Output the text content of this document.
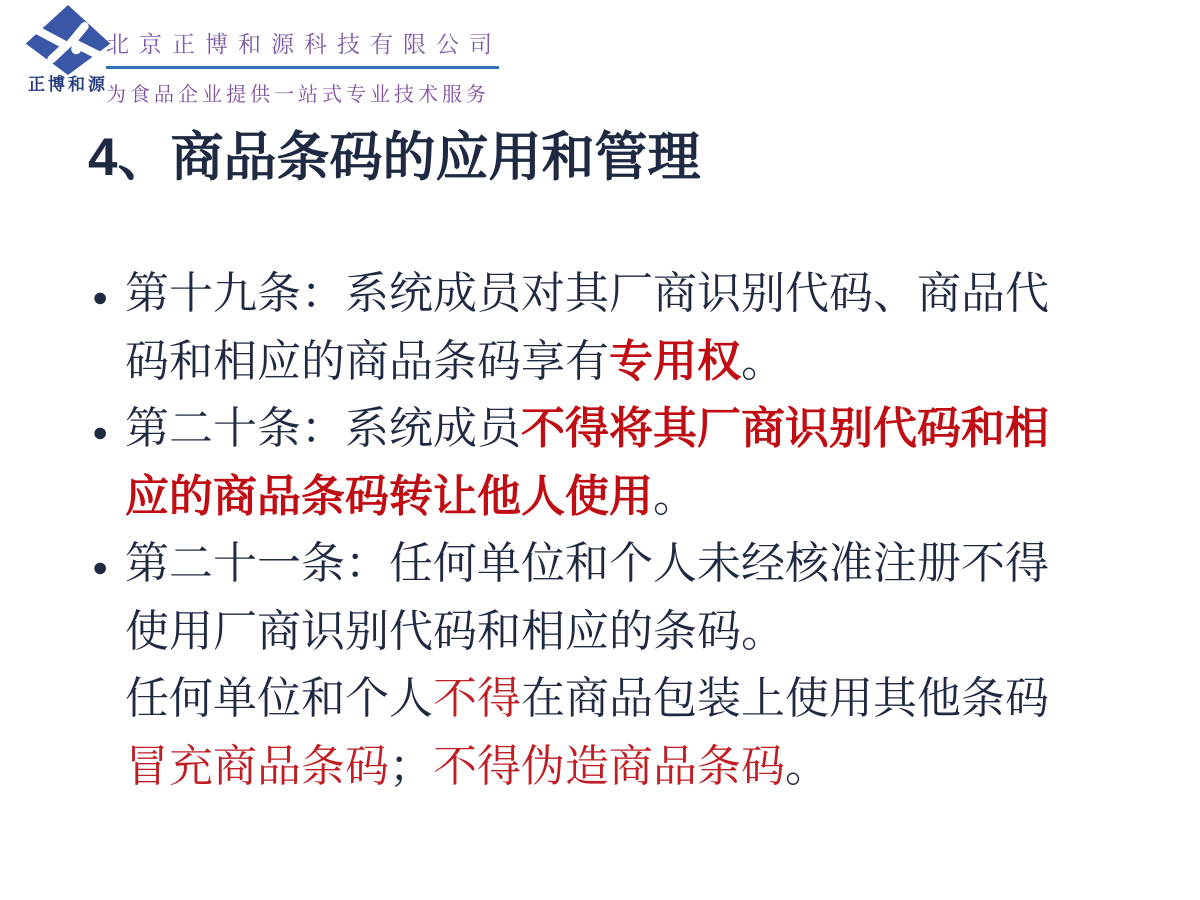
正博和源
北京正博和源科技有限公司
为食品企业提供一站式专业技术服务
4、商品条码的应用和管理
● 第十九条：系统成员对其厂商识别代码、商品代
码和相应的商品条码享有专用权。
● 第二十条：系统成员不得将其厂商识别代码和相
应的商品条码转让他人使用。
● 第二十一条：任何单位和个人未经核准注册不得
使用厂商识别代码和相应的条码。
任何单位和个人不得在商品包装上使用其他条码
冒充商品条码；不得伪造商品条码。
